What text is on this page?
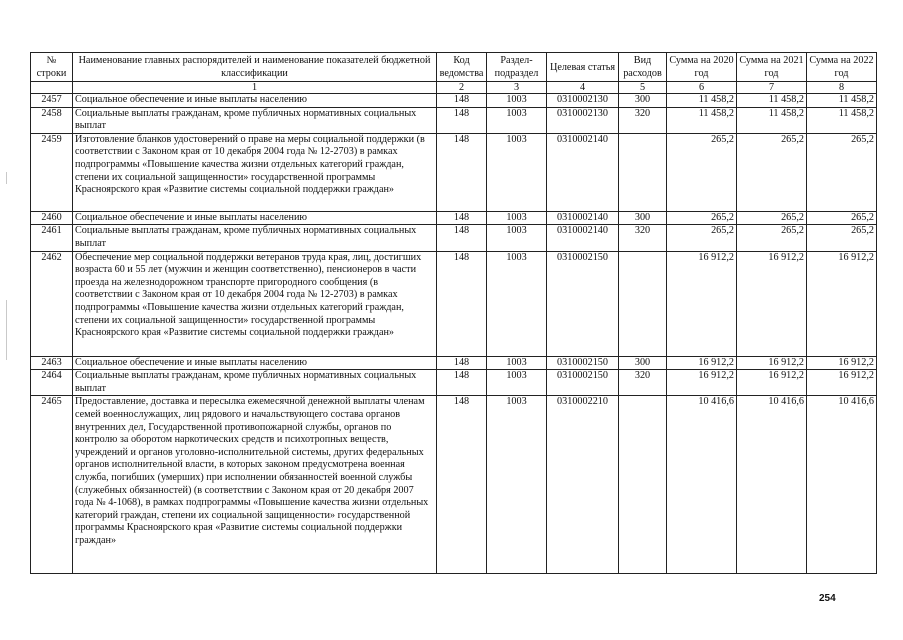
№ строки	Наименование главных распорядителей и наименование показателей бюджетной классификации	Код ведомства	Раздел-подраздел	Целевая статья	Вид расходов	Сумма на 2020 год	Сумма на 2021 год	Сумма на 2022 год
	1	2	3	4	5	6	7	8
2457	Социальное обеспечение и иные выплаты населению	148	1003	0310002130	300	11 458,2	11 458,2	11 458,2
2458	Социальные выплаты гражданам, кроме публичных нормативных социальных выплат	148	1003	0310002130	320	11 458,2	11 458,2	11 458,2
2459	Изготовление бланков удостоверений о праве на меры социальной поддержки (в соответствии с Законом края от 10 декабря 2004 года № 12-2703) в рамках подпрограммы «Повышение качества жизни отдельных категорий граждан, степени их социальной защищенности» государственной программы Красноярского края «Развитие системы социальной поддержки граждан»	148	1003	0310002140		265,2	265,2	265,2
2460	Социальное обеспечение и иные выплаты населению	148	1003	0310002140	300	265,2	265,2	265,2
2461	Социальные выплаты гражданам, кроме публичных нормативных социальных выплат	148	1003	0310002140	320	265,2	265,2	265,2
2462	Обеспечение мер социальной поддержки ветеранов труда края, лиц, достигших возраста 60 и 55 лет (мужчин и женщин соответственно), пенсионеров в части проезда на железнодорожном транспорте пригородного сообщения (в соответствии с Законом края от 10 декабря 2004 года № 12-2703) в рамках подпрограммы «Повышение качества жизни отдельных категорий граждан, степени их социальной защищенности» государственной программы Красноярского края «Развитие системы социальной поддержки граждан»	148	1003	0310002150		16 912,2	16 912,2	16 912,2
2463	Социальное обеспечение и иные выплаты населению	148	1003	0310002150	300	16 912,2	16 912,2	16 912,2
2464	Социальные выплаты гражданам, кроме публичных нормативных социальных выплат	148	1003	0310002150	320	16 912,2	16 912,2	16 912,2
2465	Предоставление, доставка и пересылка ежемесячной денежной выплаты членам семей военнослужащих, лиц рядового и начальствующего состава органов внутренних дел, Государственной противопожарной службы, органов по контролю за оборотом наркотических средств и психотропных веществ, учреждений и органов уголовно-исполнительной системы, других федеральных органов исполнительной власти, в которых законом предусмотрена военная служба, погибших (умерших) при исполнении обязанностей военной службы (служебных обязанностей) (в соответствии с Законом края от 20 декабря 2007 года № 4-1068), в рамках подпрограммы «Повышение качества жизни отдельных категорий граждан, степени их социальной защищенности» государственной программы Красноярского края «Развитие системы социальной поддержки граждан»	148	1003	0310002210		10 416,6	10 416,6	10 416,6
254
